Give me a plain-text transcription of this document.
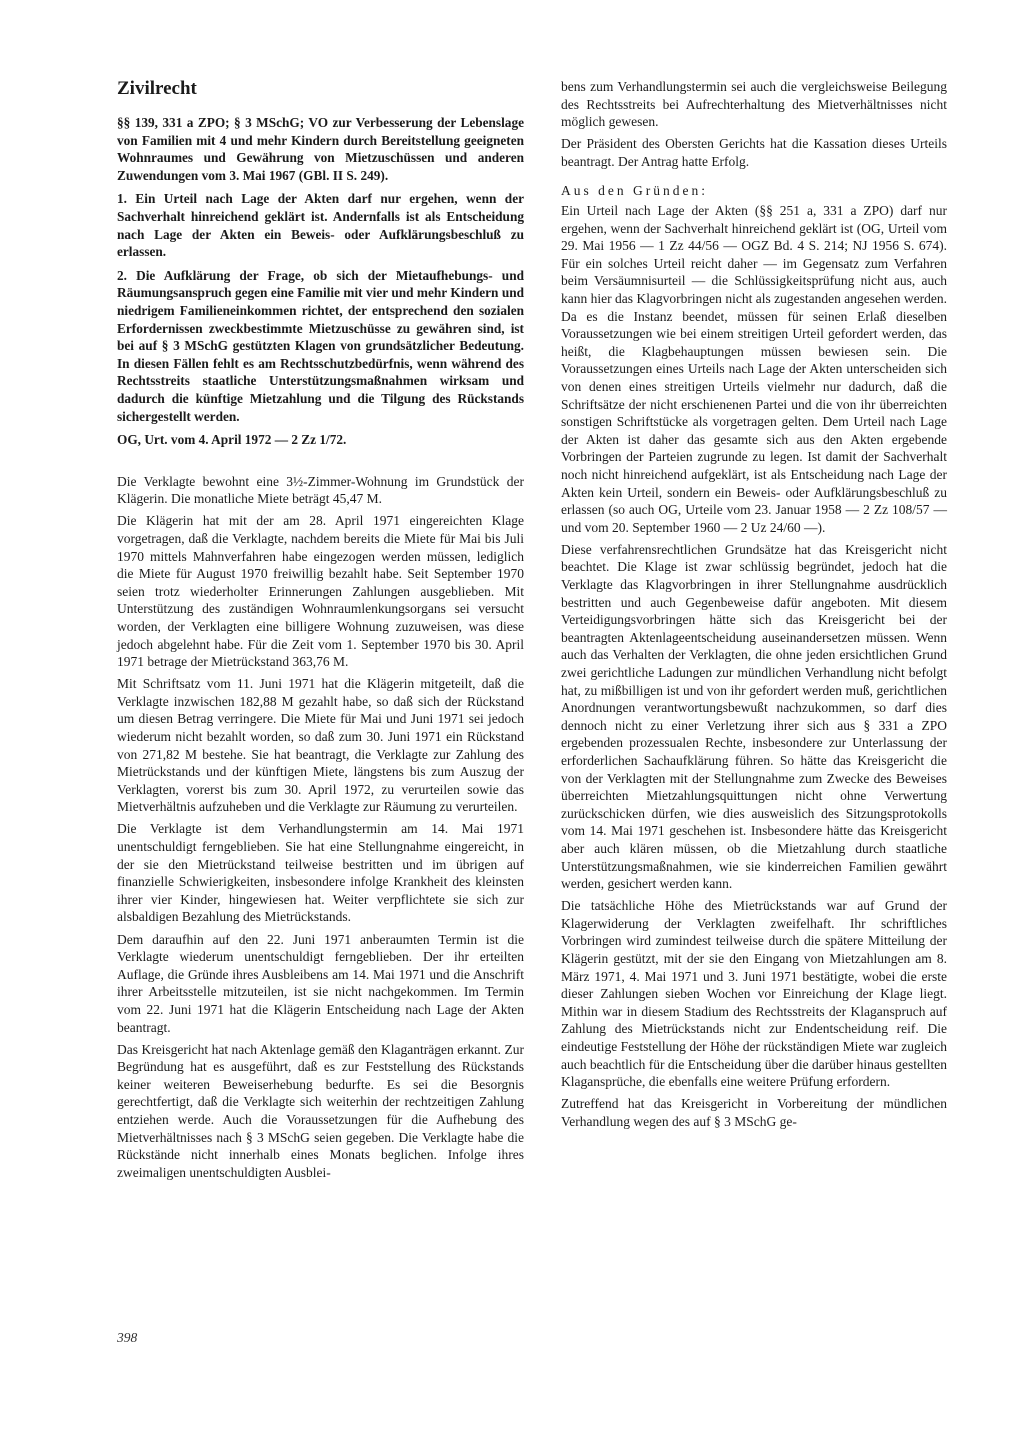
Zivilrecht
§§ 139, 331 a ZPO; § 3 MSchG; VO zur Verbesserung der Lebenslage von Familien mit 4 und mehr Kindern durch Bereitstellung geeigneten Wohnraumes und Gewährung von Mietzuschüssen und anderen Zuwendungen vom 3. Mai 1967 (GBl. II S. 249).
1. Ein Urteil nach Lage der Akten darf nur ergehen, wenn der Sachverhalt hinreichend geklärt ist. Andernfalls ist als Entscheidung nach Lage der Akten ein Beweis- oder Aufklärungsbeschluß zu erlassen.
2. Die Aufklärung der Frage, ob sich der Mietaufhebungs- und Räumungsanspruch gegen eine Familie mit vier und mehr Kindern und niedrigem Familieneinkommen richtet, der entsprechend den sozialen Erfordernissen zweckbestimmte Mietzuschüsse zu gewähren sind, ist bei auf § 3 MSchG gestützten Klagen von grundsätzlicher Bedeutung. In diesen Fällen fehlt es am Rechtsschutzbedürfnis, wenn während des Rechtsstreits staatliche Unterstützungsmaßnahmen wirksam und dadurch die künftige Mietzahlung und die Tilgung des Rückstands sichergestellt werden.
OG, Urt. vom 4. April 1972 — 2 Zz 1/72.

Die Verklagte bewohnt eine 3½-Zimmer-Wohnung im Grundstück der Klägerin. Die monatliche Miete beträgt 45,47 M.

Die Klägerin hat mit der am 28. April 1971 eingereichten Klage vorgetragen, daß die Verklagte, nachdem bereits die Miete für Mai bis Juli 1970 mittels Mahnverfahren habe eingezogen werden müssen, lediglich die Miete für August 1970 freiwillig bezahlt habe. Seit September 1970 seien trotz wiederholter Erinnerungen Zahlungen ausgeblieben. Mit Unterstützung des zuständigen Wohnraumlenkungsorgans sei versucht worden, der Verklagten eine billigere Wohnung zuzuweisen, was diese jedoch abgelehnt habe. Für die Zeit vom 1. September 1970 bis 30. April 1971 betrage der Mietrückstand 363,76 M.

Mit Schriftsatz vom 11. Juni 1971 hat die Klägerin mitgeteilt, daß die Verklagte inzwischen 182,88 M gezahlt habe, so daß sich der Rückstand um diesen Betrag verringere. Die Miete für Mai und Juni 1971 sei jedoch wiederum nicht bezahlt worden, so daß zum 30. Juni 1971 ein Rückstand von 271,82 M bestehe. Sie hat beantragt, die Verklagte zur Zahlung des Mietrückstands und der künftigen Miete, längstens bis zum Auszug der Verklagten, vorerst bis zum 30. April 1972, zu verurteilen sowie das Mietverhältnis aufzuheben und die Verklagte zur Räumung zu verurteilen.

Die Verklagte ist dem Verhandlungstermin am 14. Mai 1971 unentschuldigt ferngeblieben. Sie hat eine Stellungnahme eingereicht, in der sie den Mietrückstand teilweise bestritten und im übrigen auf finanzielle Schwierigkeiten, insbesondere infolge Krankheit des kleinsten ihrer vier Kinder, hingewiesen hat. Weiter verpflichtete sie sich zur alsbaldigen Bezahlung des Mietrückstands.

Dem daraufhin auf den 22. Juni 1971 anberaumten Termin ist die Verklagte wiederum unentschuldigt ferngeblieben. Der ihr erteilten Auflage, die Gründe ihres Ausbleibens am 14. Mai 1971 und die Anschrift ihrer Arbeitsstelle mitzuteilen, ist sie nicht nachgekommen. Im Termin vom 22. Juni 1971 hat die Klägerin Entscheidung nach Lage der Akten beantragt.

Das Kreisgericht hat nach Aktenlage gemäß den Klaganträgen erkannt. Zur Begründung hat es ausgeführt, daß es zur Feststellung des Rückstands keiner weiteren Beweiserhebung bedurfte. Es sei die Besorgnis gerechtfertigt, daß die Verklagte sich weiterhin der rechtzeitigen Zahlung entziehen werde. Auch die Voraussetzungen für die Aufhebung des Mietverhältnisses nach § 3 MSchG seien gegeben. Die Verklagte habe die Rückstände nicht innerhalb eines Monats beglichen. Infolge ihres zweimaligen unentschuldigten Ausblei-

bens zum Verhandlungstermin sei auch die vergleichsweise Beilegung des Rechtsstreits bei Aufrechterhaltung des Mietverhältnisses nicht möglich gewesen.

Der Präsident des Obersten Gerichts hat die Kassation dieses Urteils beantragt. Der Antrag hatte Erfolg.

Aus den Gründen:

Ein Urteil nach Lage der Akten (§§ 251 a, 331 a ZPO) darf nur ergehen, wenn der Sachverhalt hinreichend geklärt ist (OG, Urteil vom 29. Mai 1956 — 1 Zz 44/56 — OGZ Bd. 4 S. 214; NJ 1956 S. 674). Für ein solches Urteil reicht daher — im Gegensatz zum Verfahren beim Versäumnisurteil — die Schlüssigkeitsprüfung nicht aus, auch kann hier das Klagvorbringen nicht als zugestanden angesehen werden. Da es die Instanz beendet, müssen für seinen Erlaß dieselben Voraussetzungen wie bei einem streitigen Urteil gefordert werden, das heißt, die Klagbehauptungen müssen bewiesen sein. Die Voraussetzungen eines Urteils nach Lage der Akten unterscheiden sich von denen eines streitigen Urteils vielmehr nur dadurch, daß die Schriftsätze der nicht erschienenen Partei und die von ihr überreichten sonstigen Schriftstücke als vorgetragen gelten. Dem Urteil nach Lage der Akten ist daher das gesamte sich aus den Akten ergebende Vorbringen der Parteien zugrunde zu legen. Ist damit der Sachverhalt noch nicht hinreichend aufgeklärt, ist als Entscheidung nach Lage der Akten kein Urteil, sondern ein Beweis- oder Aufklärungsbeschluß zu erlassen (so auch OG, Urteile vom 23. Januar 1958 — 2 Zz 108/57 — und vom 20. September 1960 — 2 Uz 24/60 —).

Diese verfahrensrechtlichen Grundsätze hat das Kreisgericht nicht beachtet. Die Klage ist zwar schlüssig begründet, jedoch hat die Verklagte das Klagvorbringen in ihrer Stellungnahme ausdrücklich bestritten und auch Gegenbeweise dafür angeboten. Mit diesem Verteidigungsvorbringen hätte sich das Kreisgericht bei der beantragten Aktenlageentscheidung auseinandersetzen müssen. Wenn auch das Verhalten der Verklagten, die ohne jeden ersichtlichen Grund zwei gerichtliche Ladungen zur mündlichen Verhandlung nicht befolgt hat, zu mißbilligen ist und von ihr gefordert werden muß, gerichtlichen Anordnungen verantwortungsbewußt nachzukommen, so darf dies dennoch nicht zu einer Verletzung ihrer sich aus § 331 a ZPO ergebenden prozessualen Rechte, insbesondere zur Unterlassung der erforderlichen Sachaufklärung führen. So hätte das Kreisgericht die von der Verklagten mit der Stellungnahme zum Zwecke des Beweises überreichten Mietzahlungsquittungen nicht ohne Verwertung zurückschicken dürfen, wie dies ausweislich des Sitzungsprotokolls vom 14. Mai 1971 geschehen ist. Insbesondere hätte das Kreisgericht aber auch klären müssen, ob die Mietzahlung durch staatliche Unterstützungsmaßnahmen, wie sie kinderreichen Familien gewährt werden, gesichert werden kann.

Die tatsächliche Höhe des Mietrückstands war auf Grund der Klagerwiderung der Verklagten zweifelhaft. Ihr schriftliches Vorbringen wird zumindest teilweise durch die spätere Mitteilung der Klägerin gestützt, mit der sie den Eingang von Mietzahlungen am 8. März 1971, 4. Mai 1971 und 3. Juni 1971 bestätigte, wobei die erste dieser Zahlungen sieben Wochen vor Einreichung der Klage liegt. Mithin war in diesem Stadium des Rechtsstreits der Klaganspruch auf Zahlung des Mietrückstands nicht zur Endentscheidung reif. Die eindeutige Feststellung der Höhe der rückständigen Miete war zugleich auch beachtlich für die Entscheidung über die darüber hinaus gestellten Klagansprüche, die ebenfalls eine weitere Prüfung erfordern.

Zutreffend hat das Kreisgericht in Vorbereitung der mündlichen Verhandlung wegen des auf § 3 MSchG ge-

398
